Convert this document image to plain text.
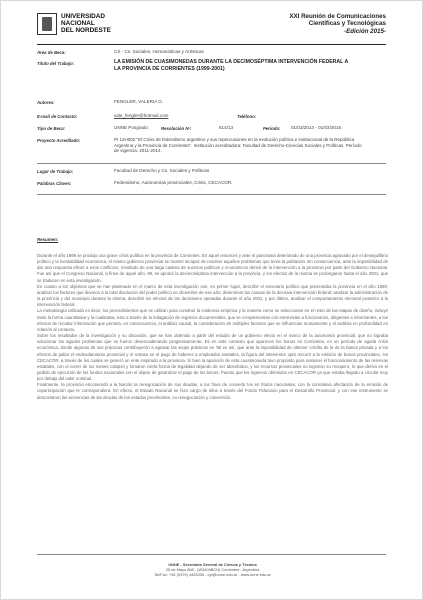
UNIVERSIDAD
NACIONAL
DEL NORDESTE
XXI Reunión de Comunicaciones
Científicas y Tecnológicas
-Edición 2015-
Área de Beca:	CS - Cs. Sociales, Humanísticas y Artísticas
Título del Trabajo:	LA EMISIÓN DE CUASIMONEDAS DURANTE LA DECIMOSÉPTIMA INTERVENCIÓN FEDERAL A LA PROVINCIA DE CORRIENTES (1999-2001)
Autores:	FENGLER, VALERIA G.
E-mail de Contacto:	vale_fengler@hotmail.com	Teléfono:
Tipo de Beca:	UNNE Posgrado	Resolución Nº:	614/13	Período: 01/03/2014 - 01/03/2015
Proyecto Acreditado:	PI 12H002 "El Crisis de federalismo argentino y sus repercusiones en la evolución política e institucional de la República Argentina y la Provincia de Corrientes". Institución acreditadora: Facultad de Derecho-Ciencias Sociales y Políticas. Período de vigencia: 2011-2014.
Lugar de Trabajo:	Facultad de Derecho y Cs. Sociales y Políticas
Palabras Claves:	Federalismo, Autonomías provinciales, Crisis, CECACOR.
Resumen:

Durante el año 1999 se produjo una grave crisis política en la provincia de Corrientes. En aquel entonces y ante el panorama deteriorado de una provincia agravado por el desequilibrio político y la inestabilidad económica, el mismo gobierno provincial se mostró incapaz de resolver aquellos problemas que tenía la población. En consecuencia, ante la imposibilidad de dar una respuesta eficaz a esos conflictos, resultado de una larga cadena de sucesos políticos y económicos derivó de la intervención a la provincia por parte del Gobierno Nacional. Fue así que el Congreso Nacional, a fines de aquel año, 99, se aprobó la decimoséptima intervención a la provincia, y los efectos de la misma se prolongaron hasta el año 2001, que se traducen en esta investigación.

En cuanto a los objetivos que se han planteado en el marco de esta investigación son, en primer lugar, describir el escenario político que presentaba la provincia en el año 1999; analizar los factores que llevaron a la total disolución del poder político en diciembre de ese año; determinar las causas de la decisiva intervención federal; analizar la administración de la provincia y del municipio durante la misma; describir los efectos de las decisiones operadas durante el año 2001, y por último, analizar el comportamiento electoral posterior a la intervención federal.

La metodología utilizada es decir, los procedimientos que se utilizan para construir la evidencia empírica y la manera como se seleccionan en el resto de las etapas de diseño, incluye tanto la forma cuantitativa y la cualitativa, esto a través de la indagación de registros documentales, que se complementan con entrevistas a funcionarios, dirigentes e informantes, a los efectos de recabar información que permita, en consecuencia, el análisis causal, la consideración de múltiples factores que se influencian mutuamente y el análisis en profundidad en relación al contexto.

Sobre los resultados de la investigación y su discusión, que se han obtenido a partir del estudio de un gobierno electo en el marco de la autonomía provincial, que no lograba solucionar los agudos problemas que se fueron desencadenando progresivamente. Es en este contexto que aparecen los bonos en Corrientes, en un período de aguda crisis económica, donde algunas de sus prácticas contribuyeron a agravar las viejas prácticas en Tal es así, que ante la imposibilidad de obtener crédito de la de la banca privada y a los efectos de paliar el endeudamiento provincial y el retraso en el pago de haberes a empleados estatales, la figura del interventor optó recurrir a la emisión de bonos provinciales, los CECACOR, a través de los cuales se generó un ente inspirado a la provincia. Si bien la aparición de esta cuasimoneda tuvo propósito para sostener el funcionamiento de las reservas estatales, con el correr de los meses colapsó y tomaron cierta forma de legalidad dejando de ser absorbidos, y los recursos provinciales no lograron su recupero, lo que derivó en el pedido de ejecución de los fondos nacionales con el objeto de garantizar el pago de los bonos. Puesto que los ingresos obtenidos en CECACOR ya que estaba llegado a circular muy por debajo del valor nominal.

Finalmente, la provincia encomendó a la Nación la renegociación de sus deudas, a los fines de convertir los en títulos nacionales, con la correlativa afectación de la emisión de coparticipación que le correspondiera. En efecto, el Estado Nacional se hizo cargo de ellos a través del Fondo Fiduciario para el Desarrollo Provincial, y con ese instrumento se descontaron las acreencias de las deudas de los estados provinciales, su renegociación y conversión.

UNNE - Secretaría General de Ciencia y Técnica
25 de Mayo 868 - (W3400BCH) Corrientes - Argentina
Tel/Fax: +54 (0379) 4425006 - cyt@unne.edu.ar - www.unne.edu.ar
